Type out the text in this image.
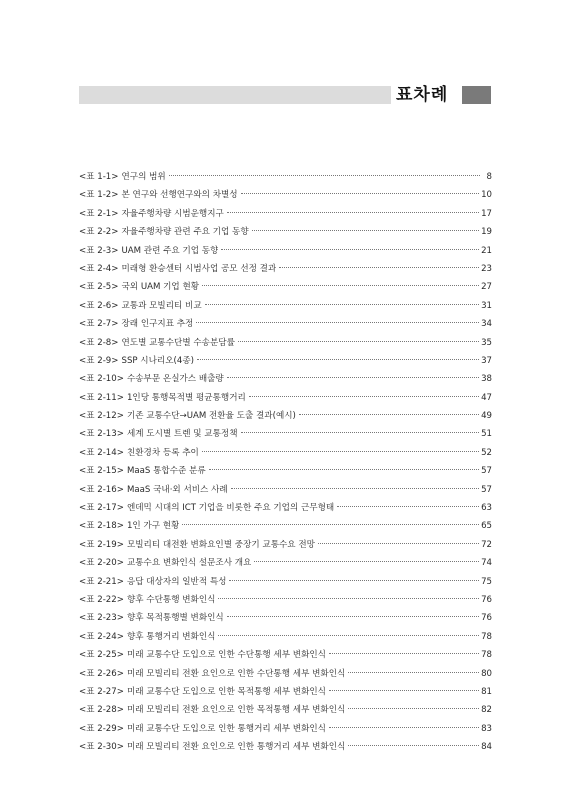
표차례
<표 1-1> 연구의 범위	8
<표 1-2> 본 연구와 선행연구와의 차별성	10
<표 2-1> 자율주행차량 시범운행지구	17
<표 2-2> 자율주행차량 관련 주요 기업 동향	19
<표 2-3> UAM 관련 주요 기업 동향	21
<표 2-4> 미래형 환승센터 시범사업 공모 선정 결과	23
<표 2-5> 국외 UAM 기업 현황	27
<표 2-6> 교통과 모빌리티 비교	31
<표 2-7> 장래 인구지표 추정	34
<표 2-8> 연도별 교통수단별 수송분담률	35
<표 2-9> SSP 시나리오(4종)	37
<표 2-10> 수송부문 온실가스 배출량	38
<표 2-11> 1인당 통행목적별 평균통행거리	47
<표 2-12> 기존 교통수단→UAM 전환율 도출 결과(예시)	49
<표 2-13> 세계 도시별 트렌 및 교통정책	51
<표 2-14> 친환경차 등록 추이	52
<표 2-15> MaaS 통합수준 분류	57
<표 2-16> MaaS 국내·외 서비스 사례	57
<표 2-17> 엔데믹 시대의 ICT 기업을 비롯한 주요 기업의 근무형태	63
<표 2-18> 1인 가구 현황	65
<표 2-19> 모빌리티 대전환 변화요인별 중장기 교통수요 전망	72
<표 2-20> 교통수요 변화인식 설문조사 개요	74
<표 2-21> 응답 대상자의 일반적 특성	75
<표 2-22> 향후 수단통행 변화인식	76
<표 2-23> 향후 목적통행별 변화인식	76
<표 2-24> 향후 통행거리 변화인식	78
<표 2-25> 미래 교통수단 도입으로 인한 수단통행 세부 변화인식	78
<표 2-26> 미래 모빌리티 전환 요인으로 인한 수단통행 세부 변화인식	80
<표 2-27> 미래 교통수단 도입으로 인한 목적통행 세부 변화인식	81
<표 2-28> 미래 모빌리티 전환 요인으로 인한 목적통행 세부 변화인식	82
<표 2-29> 미래 교통수단 도입으로 인한 통행거리 세부 변화인식	83
<표 2-30> 미래 모빌리티 전환 요인으로 인한 통행거리 세부 변화인식	84
